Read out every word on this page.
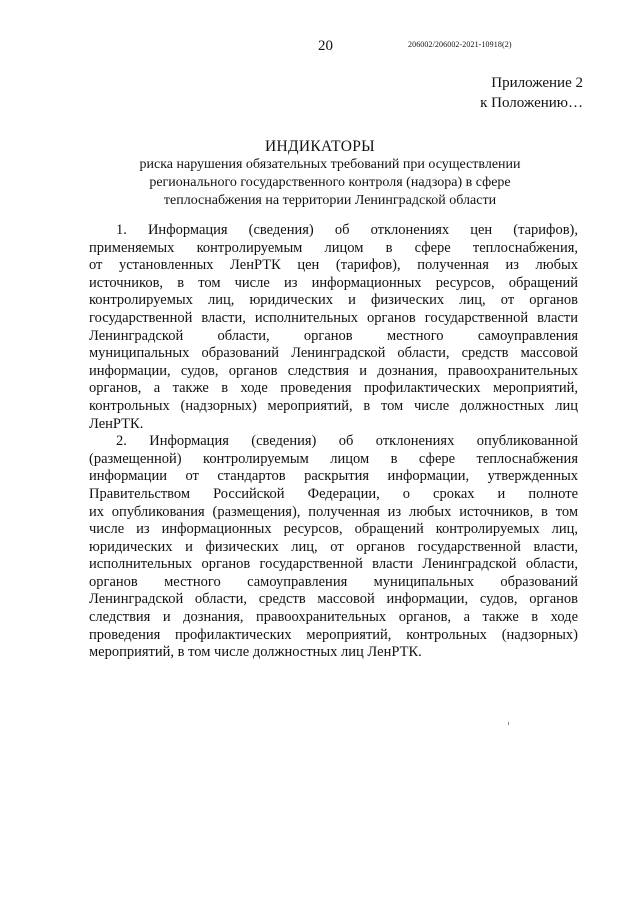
20	206002/206002-2021-10918(2)
Приложение 2
к Положению…
ИНДИКАТОРЫ
риска нарушения обязательных требований при осуществлении
регионального государственного контроля (надзора) в сфере
теплоснабжения на территории Ленинградской области
1. Информация (сведения) об отклонениях цен (тарифов),
применяемых контролируемым лицом в сфере теплоснабжения,
от установленных ЛенРТК цен (тарифов), полученная из любых
источников, в том числе из информационных ресурсов, обращений
контролируемых лиц, юридических и физических лиц, от органов
государственной власти, исполнительных органов государственной власти
Ленинградской области, органов местного самоуправления
муниципальных образований Ленинградской области, средств массовой
информации, судов, органов следствия и дознания, правоохранительных
органов, а также в ходе проведения профилактических мероприятий,
контрольных (надзорных) мероприятий, в том числе должностных лиц
ЛенРТК.
2. Информация (сведения) об отклонениях опубликованной
(размещенной) контролируемым лицом в сфере теплоснабжения
информации от стандартов раскрытия информации, утвержденных
Правительством Российской Федерации, о сроках и полноте
их опубликования (размещения), полученная из любых источников, в том
числе из информационных ресурсов, обращений контролируемых лиц,
юридических и физических лиц, от органов государственной власти,
исполнительных органов государственной власти Ленинградской области,
органов местного самоуправления муниципальных образований
Ленинградской области, средств массовой информации, судов, органов
следствия и дознания, правоохранительных органов, а также в ходе
проведения профилактических мероприятий, контрольных (надзорных)
мероприятий, в том числе должностных лиц ЛенРТК.
